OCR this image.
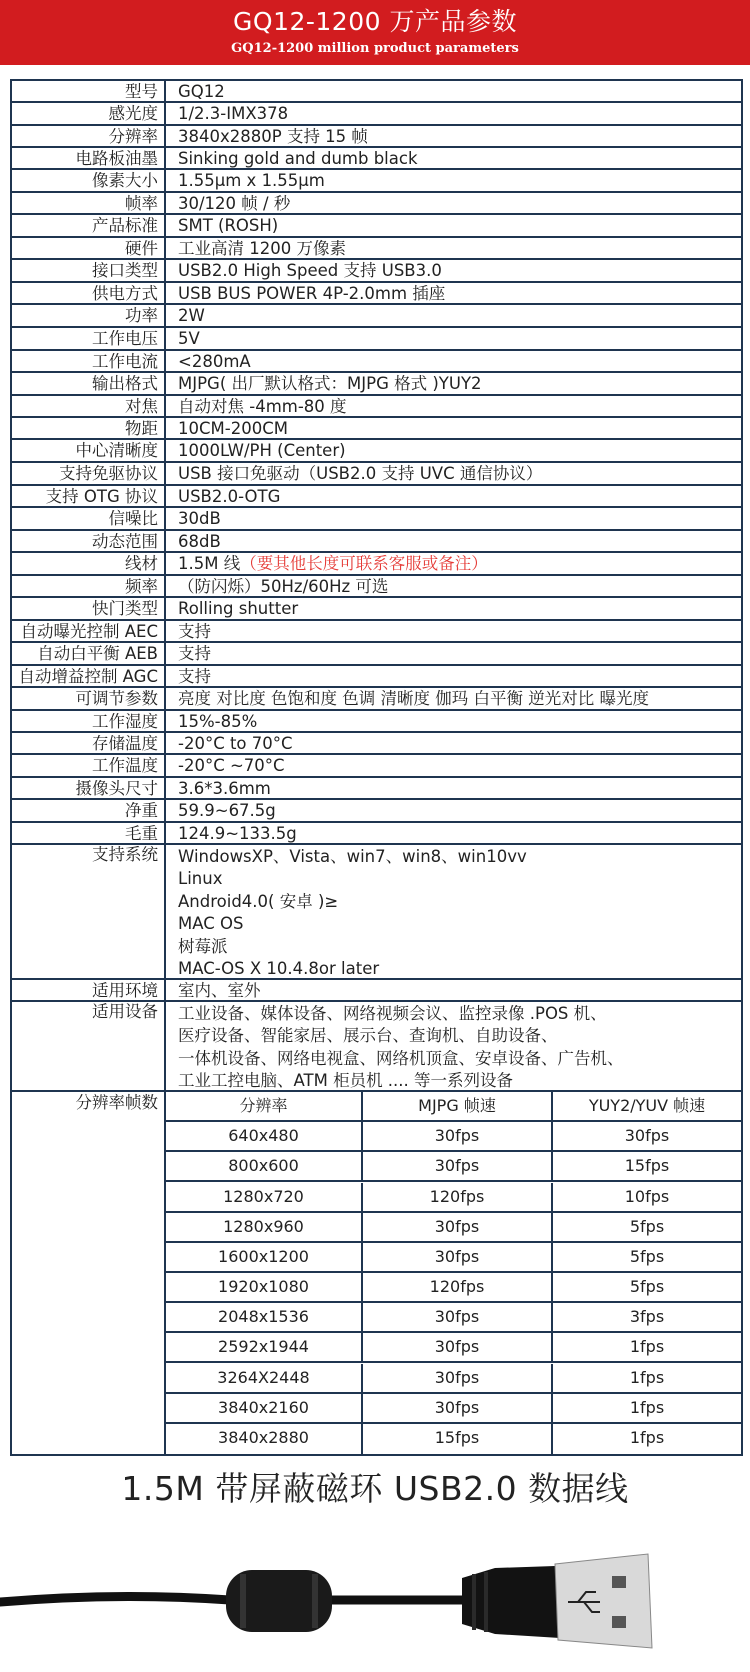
GQ12-1200 万产品参数
GQ12-1200 million product parameters
型号	GQ12
感光度	1/2.3-IMX378
分辨率	3840x2880P 支持 15 帧
电路板油墨	Sinking gold and dumb black
像素大小	1.55μm x 1.55μm
帧率	30/120 帧 / 秒
产品标准	SMT (ROSH)
硬件	工业高清 1200 万像素
接口类型	USB2.0 High Speed 支持 USB3.0
供电方式	USB BUS POWER 4P-2.0mm 插座
功率	2W
工作电压	5V
工作电流	<280mA
输出格式	MJPG( 出厂默认格式：MJPG 格式 )YUY2
对焦	自动对焦 -4mm-80 度
物距	10CM-200CM
中心清晰度	1000LW/PH (Center)
支持免驱协议	USB 接口免驱动（USB2.0 支持 UVC 通信协议）
支持 OTG 协议	USB2.0-OTG
信噪比	30dB
动态范围	68dB
线材	1.5M 线（要其他长度可联系客服或备注）
频率	（防闪烁）50Hz/60Hz 可选
快门类型	Rolling shutter
自动曝光控制 AEC	支持
自动白平衡 AEB	支持
自动增益控制 AGC	支持
可调节参数	亮度 对比度 色饱和度 色调 清晰度 伽玛 白平衡 逆光对比 曝光度
工作湿度	15%-85%
存储温度	-20°C to 70°C
工作温度	-20°C ~70°C
摄像头尺寸	3.6*3.6mm
净重	59.9~67.5g
毛重	124.9~133.5g
支持系统	WindowsXP、Vista、win7、win8、win10vv
Linux
Android4.0( 安卓 )≥
MAC OS
树莓派
MAC-OS X 10.4.8or later
适用环境	室内、室外
适用设备	工业设备、媒体设备、网络视频会议、监控录像 .POS 机、
医疗设备、智能家居、展示台、查询机、自助设备、
一体机设备、网络电视盒、网络机顶盒、安卓设备、广告机、
工业工控电脑、ATM 柜员机 .... 等一系列设备
分辨率帧数	分辨率	MJPG 帧速	YUY2/YUV 帧速
640x480	30fps	30fps
800x600	30fps	15fps
1280x720	120fps	10fps
1280x960	30fps	5fps
1600x1200	30fps	5fps
1920x1080	120fps	5fps
2048x1536	30fps	3fps
2592x1944	30fps	1fps
3264X2448	30fps	1fps
3840x2160	30fps	1fps
3840x2880	15fps	1fps
1.5M 带屏蔽磁环 USB2.0 数据线
